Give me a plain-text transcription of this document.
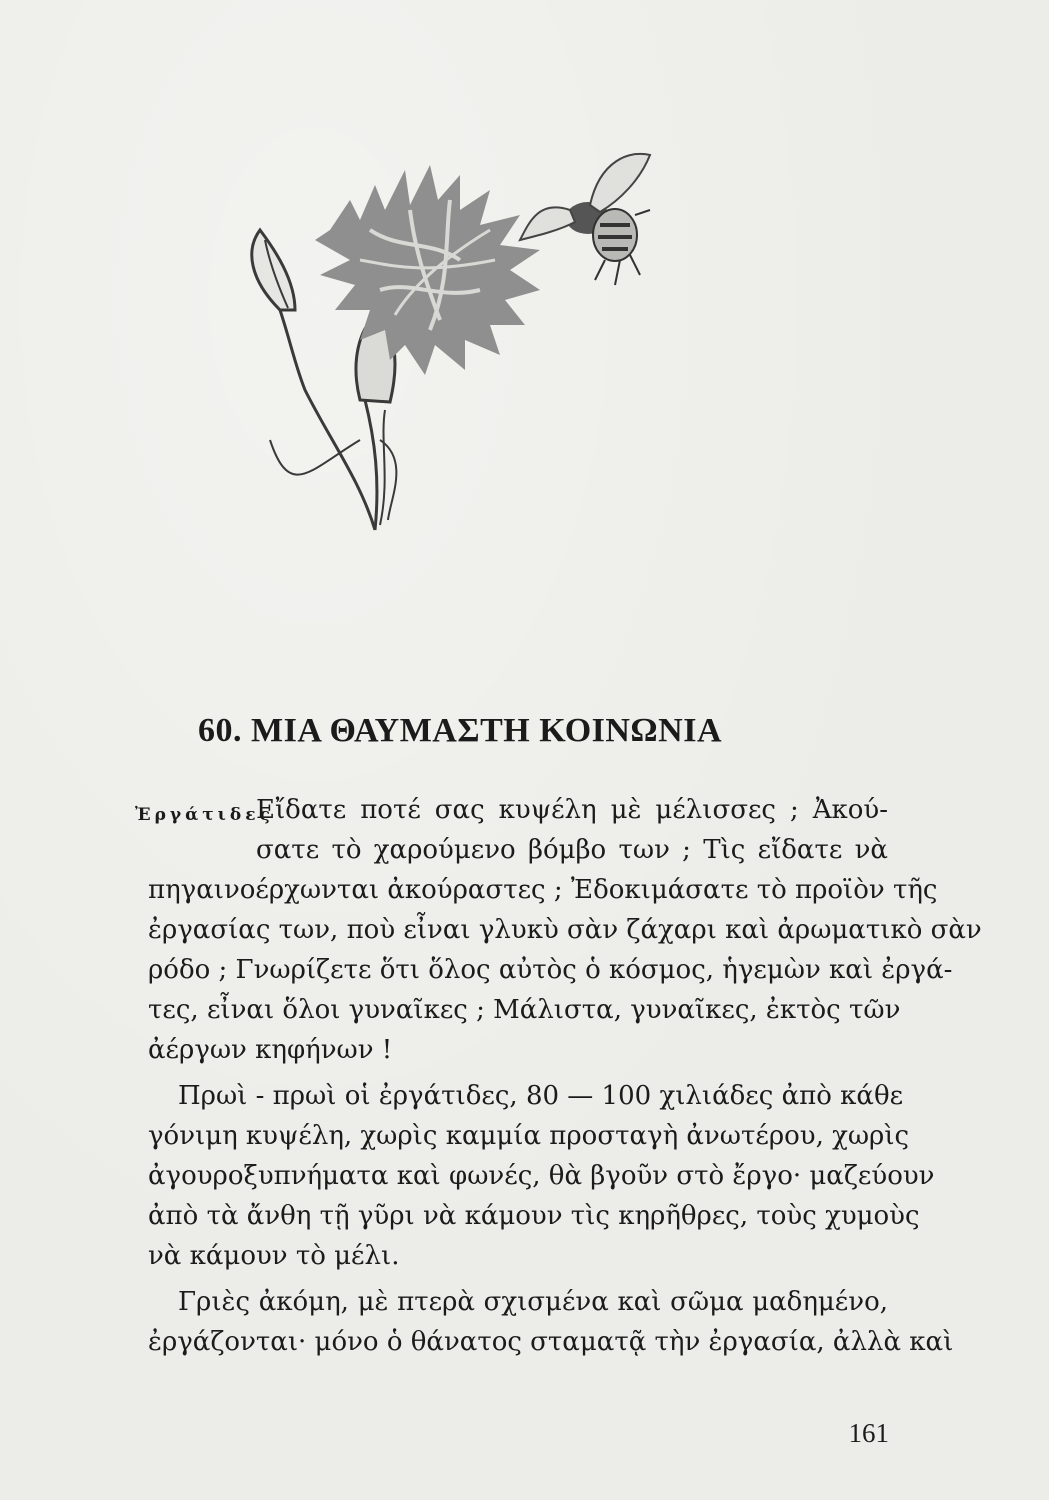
60. ΜΙΑ ΘΑΥΜΑΣΤΗ ΚΟΙΝΩΝΙΑ
Ἐργάτιδες
Εἴδατε ποτέ σας κυψέλη μὲ μέλισσες ; Ἀκού-
σατε τὸ χαρούμενο βόμβο των ; Τὶς εἴδατε νὰ
πηγαινοέρχωνται ἀκούραστες ; Ἐδοκιμάσατε τὸ προϊὸν τῆς
ἐργασίας των, ποὺ εἶναι γλυκὺ σὰν ζάχαρι καὶ ἀρωματικὸ σὰν
ρόδο ; Γνωρίζετε ὅτι ὅλος αὐτὸς ὁ κόσμος, ἡγεμὼν καὶ ἐργά-
τες, εἶναι ὅλοι γυναῖκες ; Μάλιστα, γυναῖκες, ἐκτὸς τῶν
ἀέργων κηφήνων !
Πρωὶ - πρωὶ οἱ ἐργάτιδες, 80 — 100 χιλιάδες ἀπὸ κάθε
γόνιμη κυψέλη, χωρὶς καμμία προσταγὴ ἀνωτέρου, χωρὶς
ἀγουροξυπνήματα καὶ φωνές, θὰ βγοῦν στὸ ἔργο· μαζεύουν
ἀπὸ τὰ ἄνθη τῇ γῦρι νὰ κάμουν τὶς κηρῆθρες, τοὺς χυμοὺς
νὰ κάμουν τὸ μέλι.
Γριὲς ἀκόμη, μὲ πτερὰ σχισμένα καὶ σῶμα μαδημένο,
ἐργάζονται· μόνο ὁ θάνατος σταματᾷ τὴν ἐργασία, ἀλλὰ καὶ
161
